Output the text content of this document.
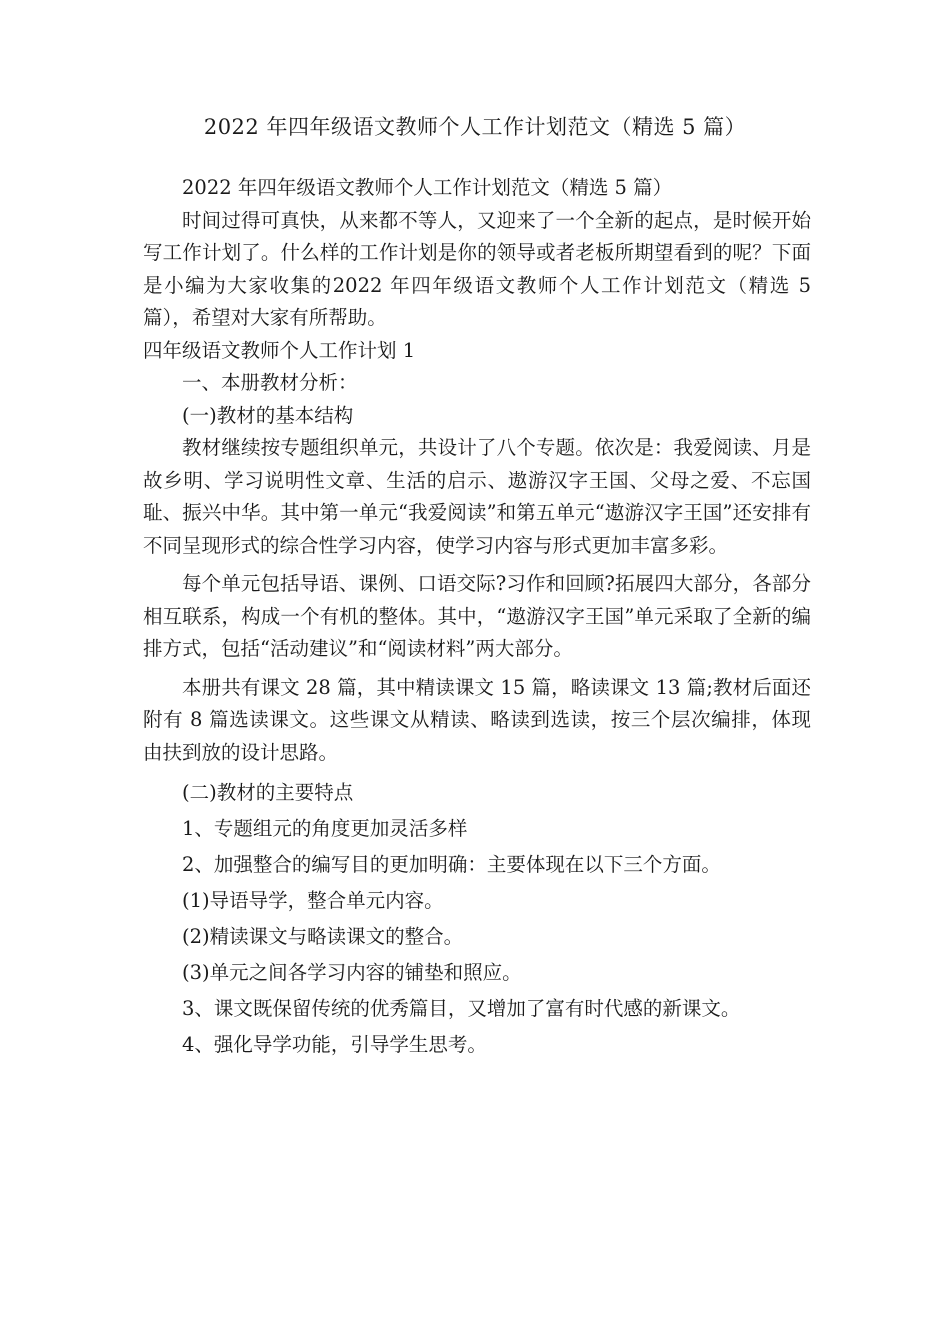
2022 年四年级语文教师个人工作计划范文（精选 5 篇）

2022 年四年级语文教师个人工作计划范文（精选 5 篇）

时间过得可真快，从来都不等人，又迎来了一个全新的起点，是时候开始写工作计划了。什么样的工作计划是你的领导或者老板所期望看到的呢？下面是小编为大家收集的2022 年四年级语文教师个人工作计划范文（精选 5 篇），希望对大家有所帮助。

四年级语文教师个人工作计划 1

一、本册教材分析：

(一)教材的基本结构

教材继续按专题组织单元，共设计了八个专题。依次是：我爱阅读、月是故乡明、学习说明性文章、生活的启示、遨游汉字王国、父母之爱、不忘国耻、振兴中华。其中第一单元“我爱阅读”和第五单元“遨游汉字王国”还安排有不同呈现形式的综合性学习内容，使学习内容与形式更加丰富多彩。

每个单元包括导语、课例、口语交际?习作和回顾?拓展四大部分，各部分相互联系，构成一个有机的整体。其中，“遨游汉字王国”单元采取了全新的编排方式，包括“活动建议”和“阅读材料”两大部分。

本册共有课文 28 篇，其中精读课文 15 篇，略读课文 13 篇;教材后面还附有 8 篇选读课文。这些课文从精读、略读到选读，按三个层次编排，体现由扶到放的设计思路。

(二)教材的主要特点

1、专题组元的角度更加灵活多样

2、加强整合的编写目的更加明确：主要体现在以下三个方面。

(1)导语导学，整合单元内容。

(2)精读课文与略读课文的整合。

(3)单元之间各学习内容的铺垫和照应。

3、课文既保留传统的优秀篇目，又增加了富有时代感的新课文。

4、强化导学功能，引导学生思考。
